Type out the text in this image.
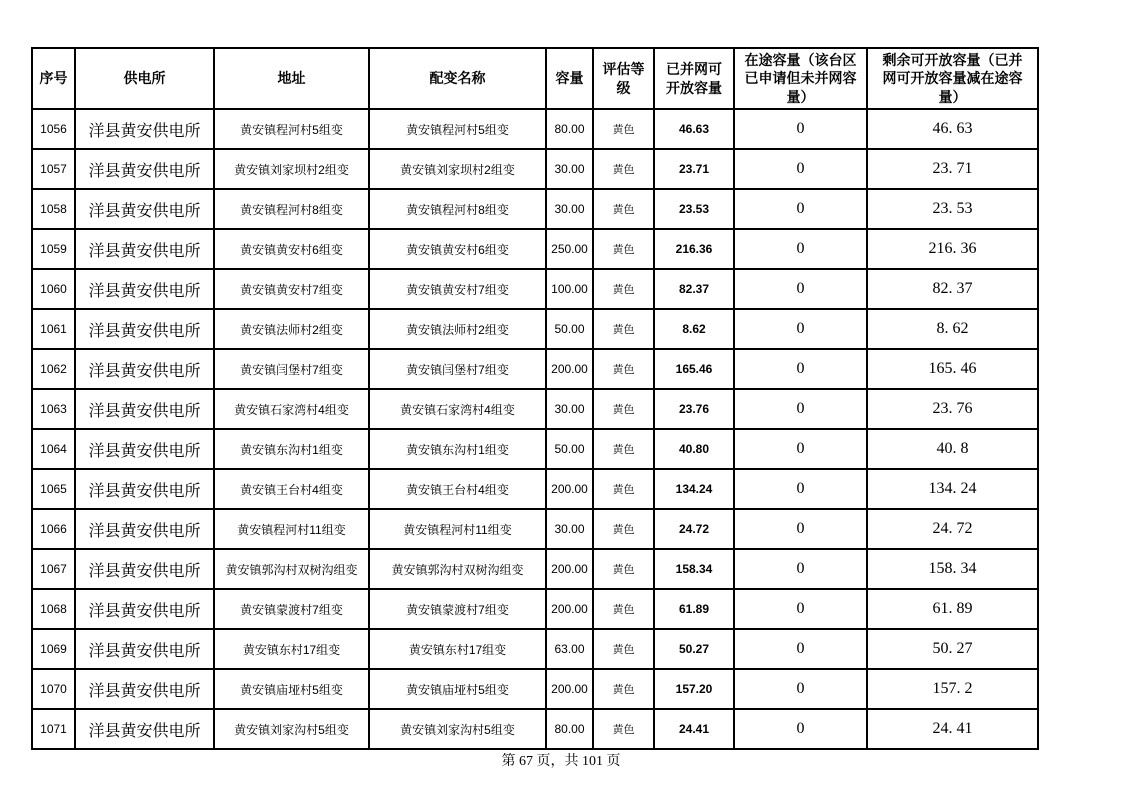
序号	供电所	地址	配变名称	容量	评估等级	已并网可开放容量	在途容量（该台区已申请但未并网容量）	剩余可开放容量（已并网可开放容量减在途容量）
1056	洋县黄安供电所	黄安镇程河村5组变	黄安镇程河村5组变	80.00	黄色	46.63	0	46. 63
1057	洋县黄安供电所	黄安镇刘家坝村2组变	黄安镇刘家坝村2组变	30.00	黄色	23.71	0	23. 71
1058	洋县黄安供电所	黄安镇程河村8组变	黄安镇程河村8组变	30.00	黄色	23.53	0	23. 53
1059	洋县黄安供电所	黄安镇黄安村6组变	黄安镇黄安村6组变	250.00	黄色	216.36	0	216. 36
1060	洋县黄安供电所	黄安镇黄安村7组变	黄安镇黄安村7组变	100.00	黄色	82.37	0	82. 37
1061	洋县黄安供电所	黄安镇法师村2组变	黄安镇法师村2组变	50.00	黄色	8.62	0	8. 62
1062	洋县黄安供电所	黄安镇闫堡村7组变	黄安镇闫堡村7组变	200.00	黄色	165.46	0	165. 46
1063	洋县黄安供电所	黄安镇石家湾村4组变	黄安镇石家湾村4组变	30.00	黄色	23.76	0	23. 76
1064	洋县黄安供电所	黄安镇东沟村1组变	黄安镇东沟村1组变	50.00	黄色	40.80	0	40. 8
1065	洋县黄安供电所	黄安镇王台村4组变	黄安镇王台村4组变	200.00	黄色	134.24	0	134. 24
1066	洋县黄安供电所	黄安镇程河村11组变	黄安镇程河村11组变	30.00	黄色	24.72	0	24. 72
1067	洋县黄安供电所	黄安镇郭沟村双树沟组变	黄安镇郭沟村双树沟组变	200.00	黄色	158.34	0	158. 34
1068	洋县黄安供电所	黄安镇蒙渡村7组变	黄安镇蒙渡村7组变	200.00	黄色	61.89	0	61. 89
1069	洋县黄安供电所	黄安镇东村17组变	黄安镇东村17组变	63.00	黄色	50.27	0	50. 27
1070	洋县黄安供电所	黄安镇庙垭村5组变	黄安镇庙垭村5组变	200.00	黄色	157.20	0	157. 2
1071	洋县黄安供电所	黄安镇刘家沟村5组变	黄安镇刘家沟村5组变	80.00	黄色	24.41	0	24. 41
第 67 页，共 101 页
